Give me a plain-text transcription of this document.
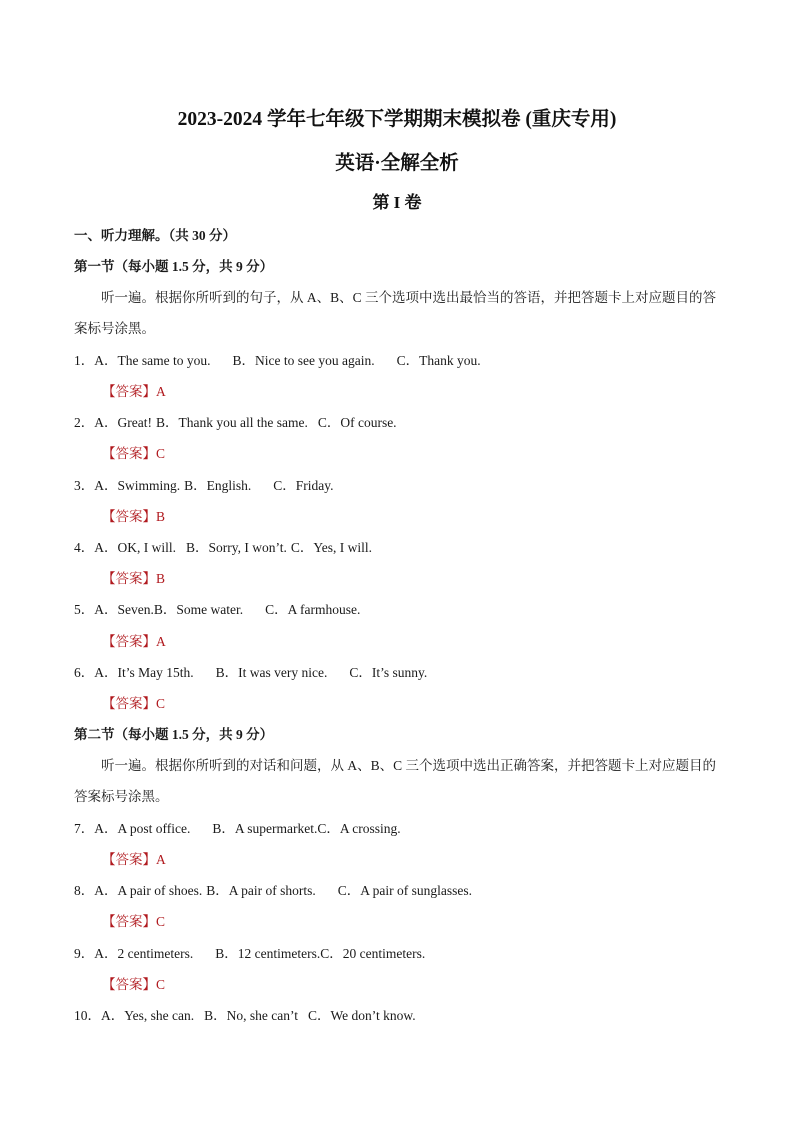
2023-2024 学年七年级下学期期末模拟卷 (重庆专用)
英语·全解全析
第 I 卷
一、听力理解。（共 30 分）
第一节（每小题 1.5 分，共 9 分）
听一遍。根据你所听到的句子，从 A、B、C 三个选项中选出最恰当的答语，并把答题卡上对应题目的答案标号涂黑。
1．A．The same to you. B．Nice to see you again. C．Thank you.
【答案】A
2．A．Great! B．Thank you all the same. C．Of course.
【答案】C
3．A．Swimming. B．English. C．Friday.
【答案】B
4．A．OK, I will. B．Sorry, I won’t. C．Yes, I will.
【答案】B
5．A．Seven.B．Some water. C．A farmhouse.
【答案】A
6．A．It’s May 15th. B．It was very nice. C．It’s sunny.
【答案】C
第二节（每小题 1.5 分，共 9 分）
听一遍。根据你所听到的对话和问题，从 A、B、C 三个选项中选出正确答案，并把答题卡上对应题目的答案标号涂黑。
7．A．A post office. B．A supermarket.C．A crossing.
【答案】A
8．A．A pair of shoes. B．A pair of shorts. C．A pair of sunglasses.
【答案】C
9．A．2 centimeters. B．12 centimeters.C．20 centimeters.
【答案】C
10．A．Yes, she can. B．No, she can’t C．We don’t know.
